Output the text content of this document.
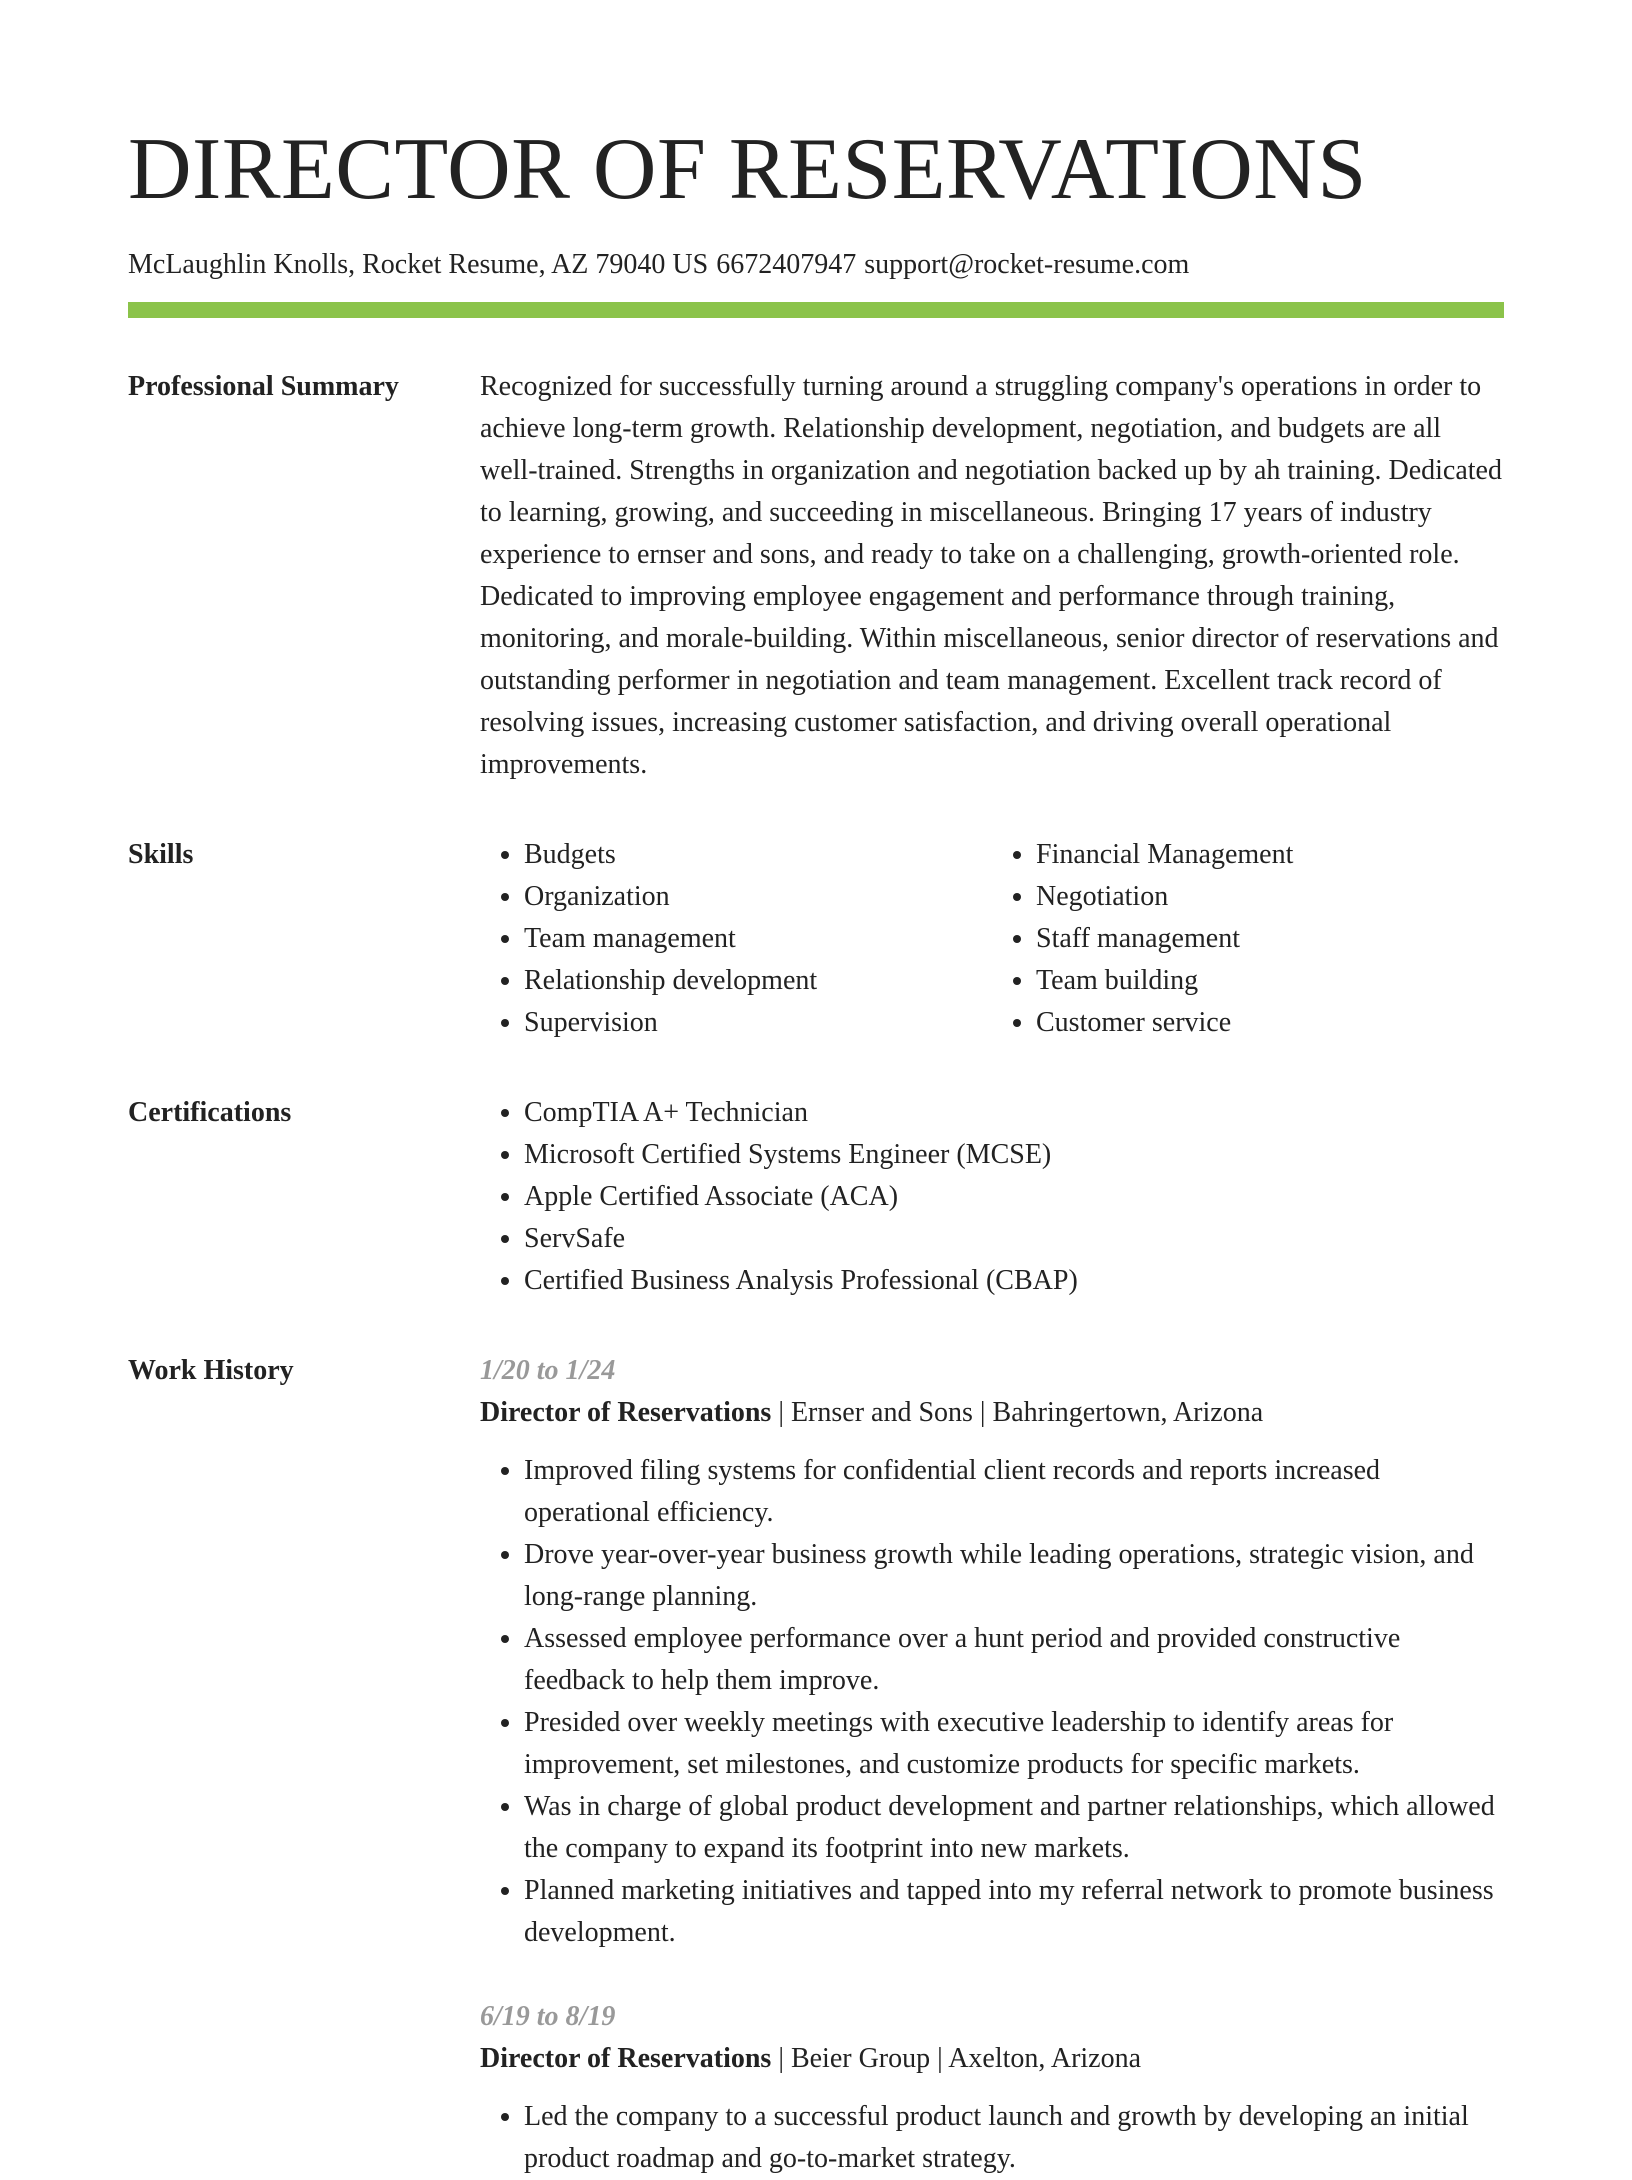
DIRECTOR OF RESERVATIONS
McLaughlin Knolls, Rocket Resume, AZ 79040 US 6672407947 support@rocket-resume.com
Professional Summary	Recognized for successfully turning around a struggling company's operations in order to achieve long-term growth. Relationship development, negotiation, and budgets are all well-trained. Strengths in organization and negotiation backed up by ah training. Dedicated to learning, growing, and succeeding in miscellaneous. Bringing 17 years of industry experience to ernser and sons, and ready to take on a challenging, growth-oriented role. Dedicated to improving employee engagement and performance through training, monitoring, and morale-building. Within miscellaneous, senior director of reservations and outstanding performer in negotiation and team management. Excellent track record of resolving issues, increasing customer satisfaction, and driving overall operational improvements.

Skills	• Budgets
• Organization
• Team management
• Relationship development
• Supervision
• Financial Management
• Negotiation
• Staff management
• Team building
• Customer service
Certifications	• CompTIA A+ Technician
• Microsoft Certified Systems Engineer (MCSE)
• Apple Certified Associate (ACA)
• ServSafe
• Certified Business Analysis Professional (CBAP)
Work History	1/20 to 1/24
Director of Reservations | Ernser and Sons | Bahringertown, Arizona
• Improved filing systems for confidential client records and reports increased operational efficiency.
• Drove year-over-year business growth while leading operations, strategic vision, and long-range planning.
• Assessed employee performance over a hunt period and provided constructive feedback to help them improve.
• Presided over weekly meetings with executive leadership to identify areas for improvement, set milestones, and customize products for specific markets.
• Was in charge of global product development and partner relationships, which allowed the company to expand its footprint into new markets.
• Planned marketing initiatives and tapped into my referral network to promote business development.
6/19 to 8/19
Director of Reservations | Beier Group | Axelton, Arizona
• Led the company to a successful product launch and growth by developing an initial product roadmap and go-to-market strategy.
